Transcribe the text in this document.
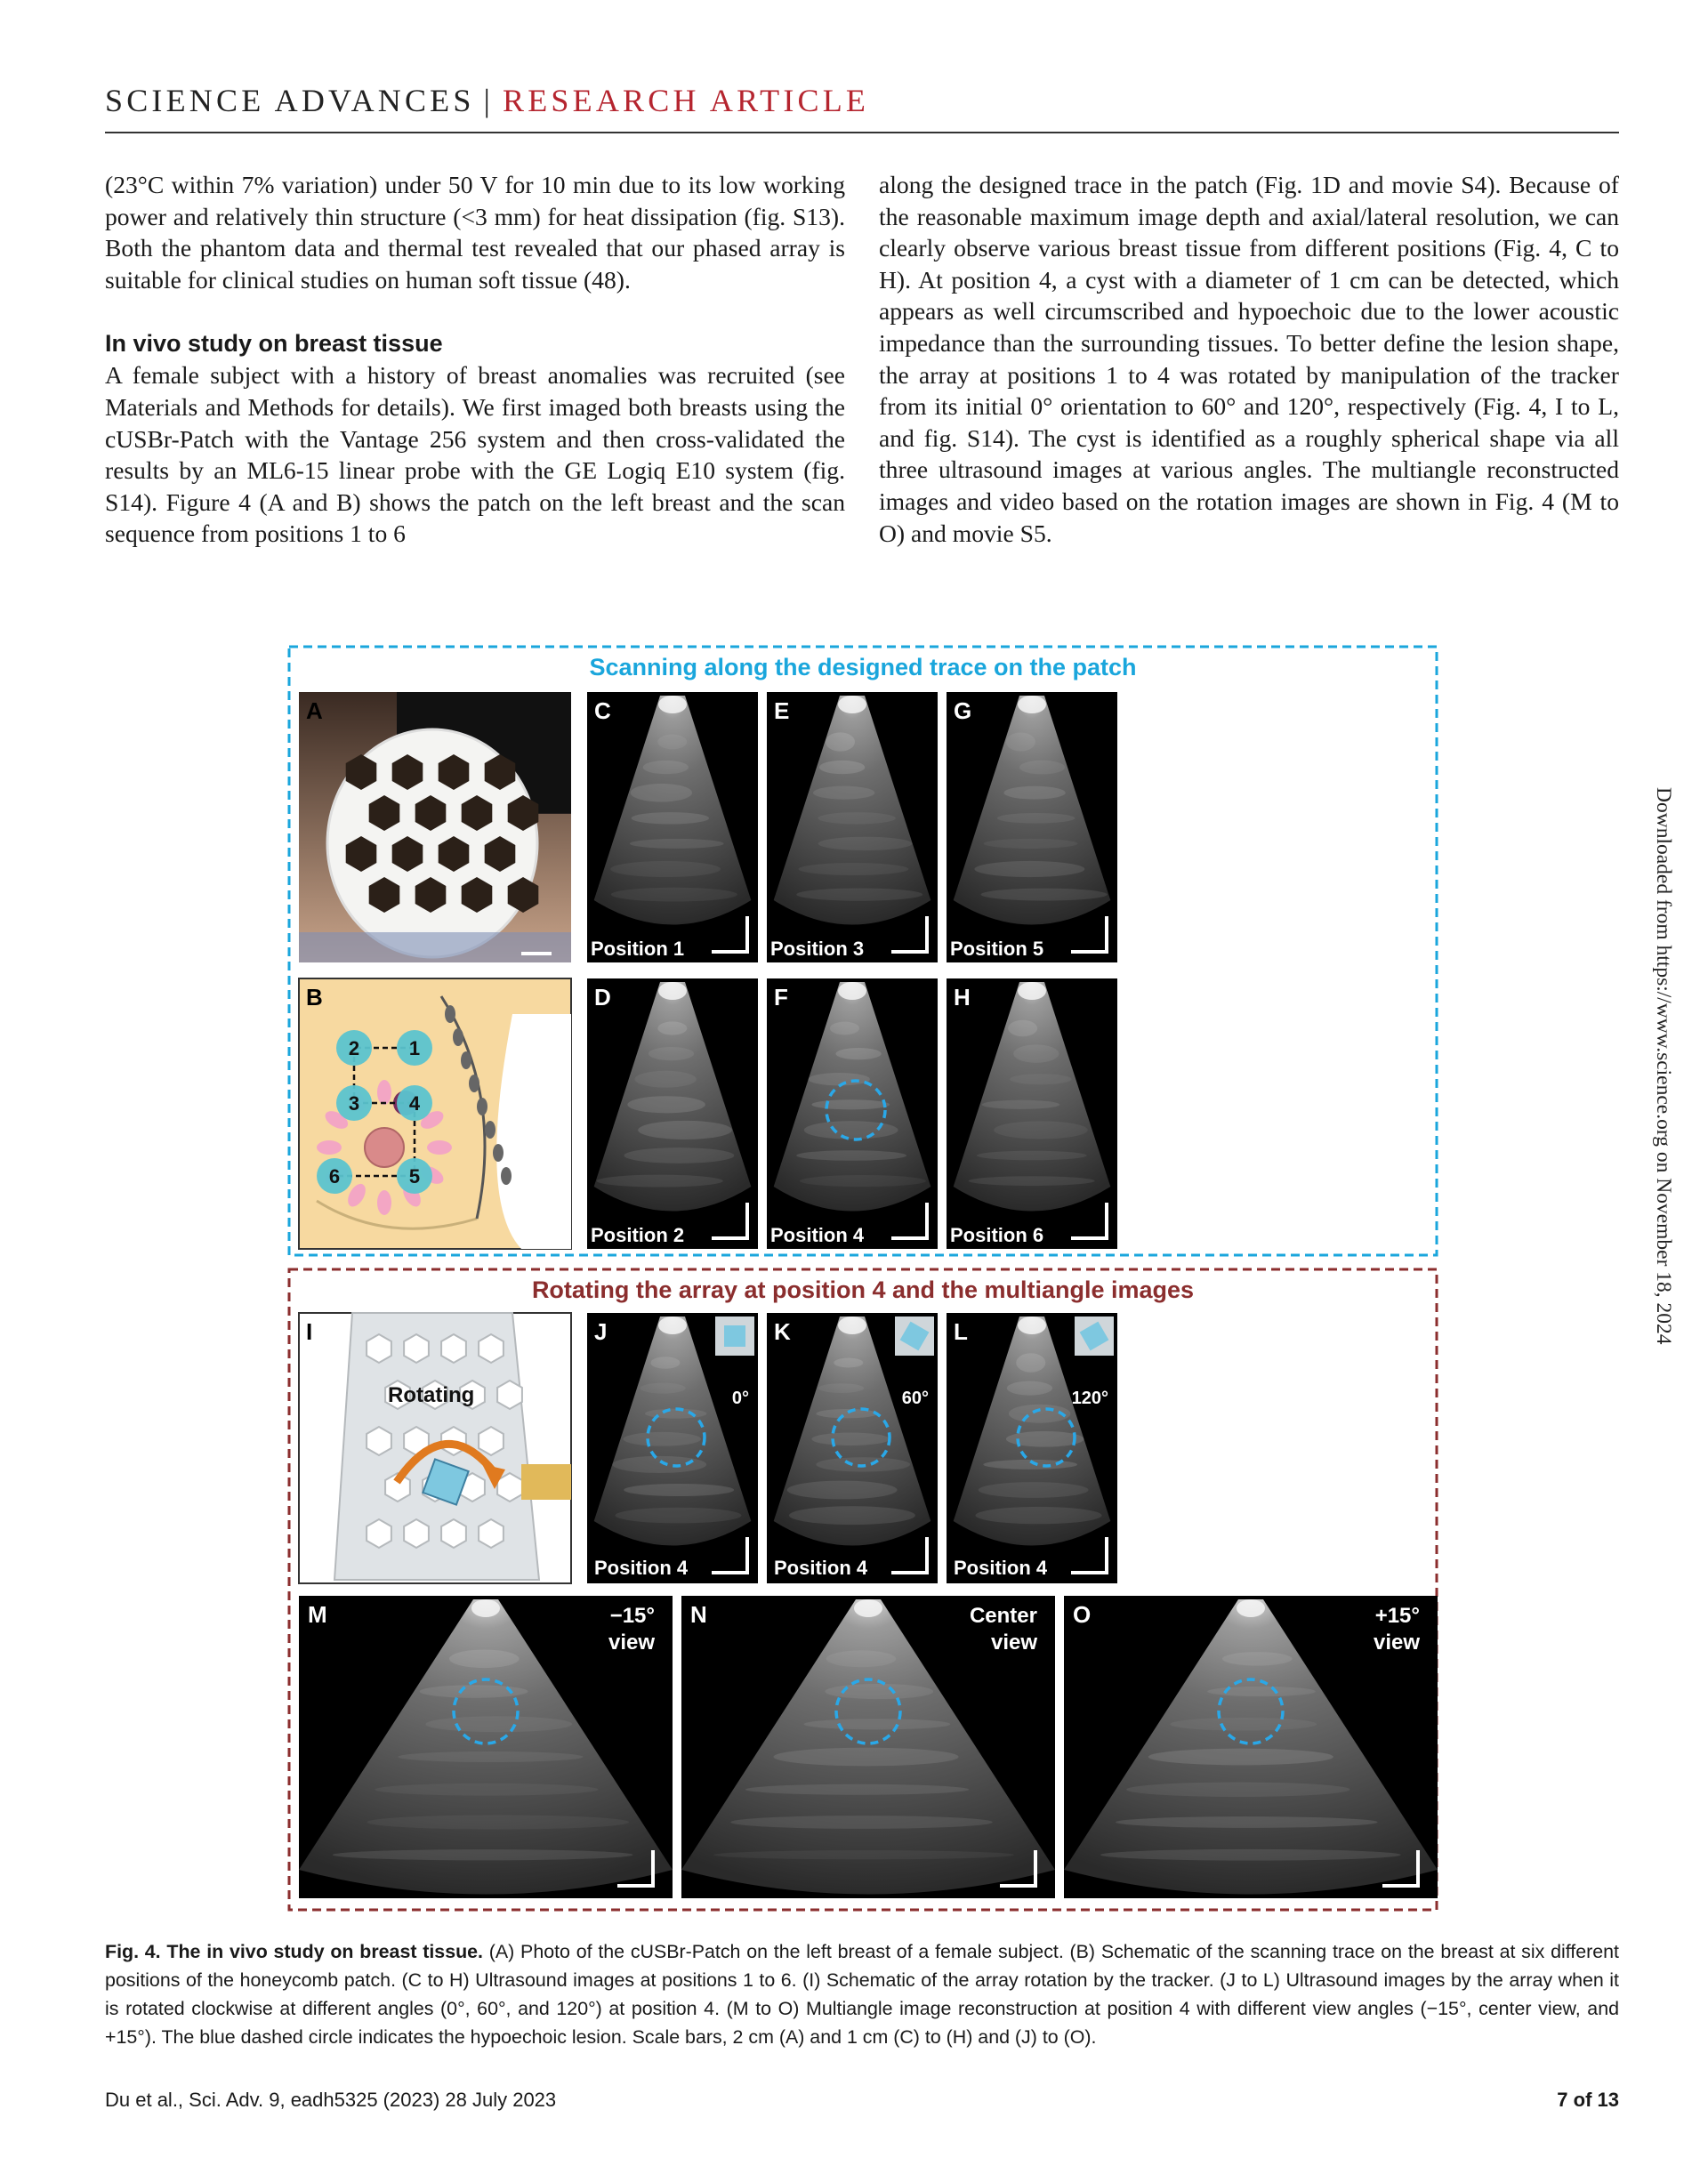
SCIENCE ADVANCES | RESEARCH ARTICLE

(23°C within 7% variation) under 50 V for 10 min due to its low working power and relatively thin structure (<3 mm) for heat dissipation (fig. S13). Both the phantom data and thermal test revealed that our phased array is suitable for clinical studies on human soft tissue (48).

In vivo study on breast tissue

A female subject with a history of breast anomalies was recruited (see Materials and Methods for details). We first imaged both breasts using the cUSBr-Patch with the Vantage 256 system and then cross-validated the results by an ML6-15 linear probe with the GE Logiq E10 system (fig. S14). Figure 4 (A and B) shows the patch on the left breast and the scan sequence from positions 1 to 6

along the designed trace in the patch (Fig. 1D and movie S4). Because of the reasonable maximum image depth and axial/lateral resolution, we can clearly observe various breast tissue from different positions (Fig. 4, C to H). At position 4, a cyst with a diameter of 1 cm can be detected, which appears as well circumscribed and hypoechoic due to the lower acoustic impedance than the surrounding tissues. To better define the lesion shape, the array at positions 1 to 4 was rotated by manipulation of the tracker from its initial 0° orientation to 60° and 120°, respectively (Fig. 4, I to L, and fig. S14). The cyst is identified as a roughly spherical shape via all three ultrasound images at various angles. The multiangle reconstructed images and video based on the rotation images are shown in Fig. 4 (M to O) and movie S5.

Scanning along the designed trace on the patch
A
1
2
3	4
5
6
B
C
Position 1
E
Position 3
G
Position 5
D
Position 2
F
Position 4
H
Position 6
Rotating the array at position 4 and the multiangle images
Rotating
I	J
0°
Position 4
K
60°
Position 4
L
120°
Position 4
M	−15°
view
N	Center
view
O	+15°
view
Fig. 4. The in vivo study on breast tissue. (A) Photo of the cUSBr-Patch on the left breast of a female subject. (B) Schematic of the scanning trace on the breast at six different positions of the honeycomb patch. (C to H) Ultrasound images at positions 1 to 6. (I) Schematic of the array rotation by the tracker. (J to L) Ultrasound images by the array when it is rotated clockwise at different angles (0°, 60°, and 120°) at position 4. (M to O) Multiangle image reconstruction at position 4 with different view angles (−15°, center view, and +15°). The blue dashed circle indicates the hypoechoic lesion. Scale bars, 2 cm (A) and 1 cm (C) to (H) and (J) to (O).
Du et al., Sci. Adv. 9, eadh5325 (2023) 28 July 2023	7 of 13
Downloaded from https://www.science.org on November 18, 2024
